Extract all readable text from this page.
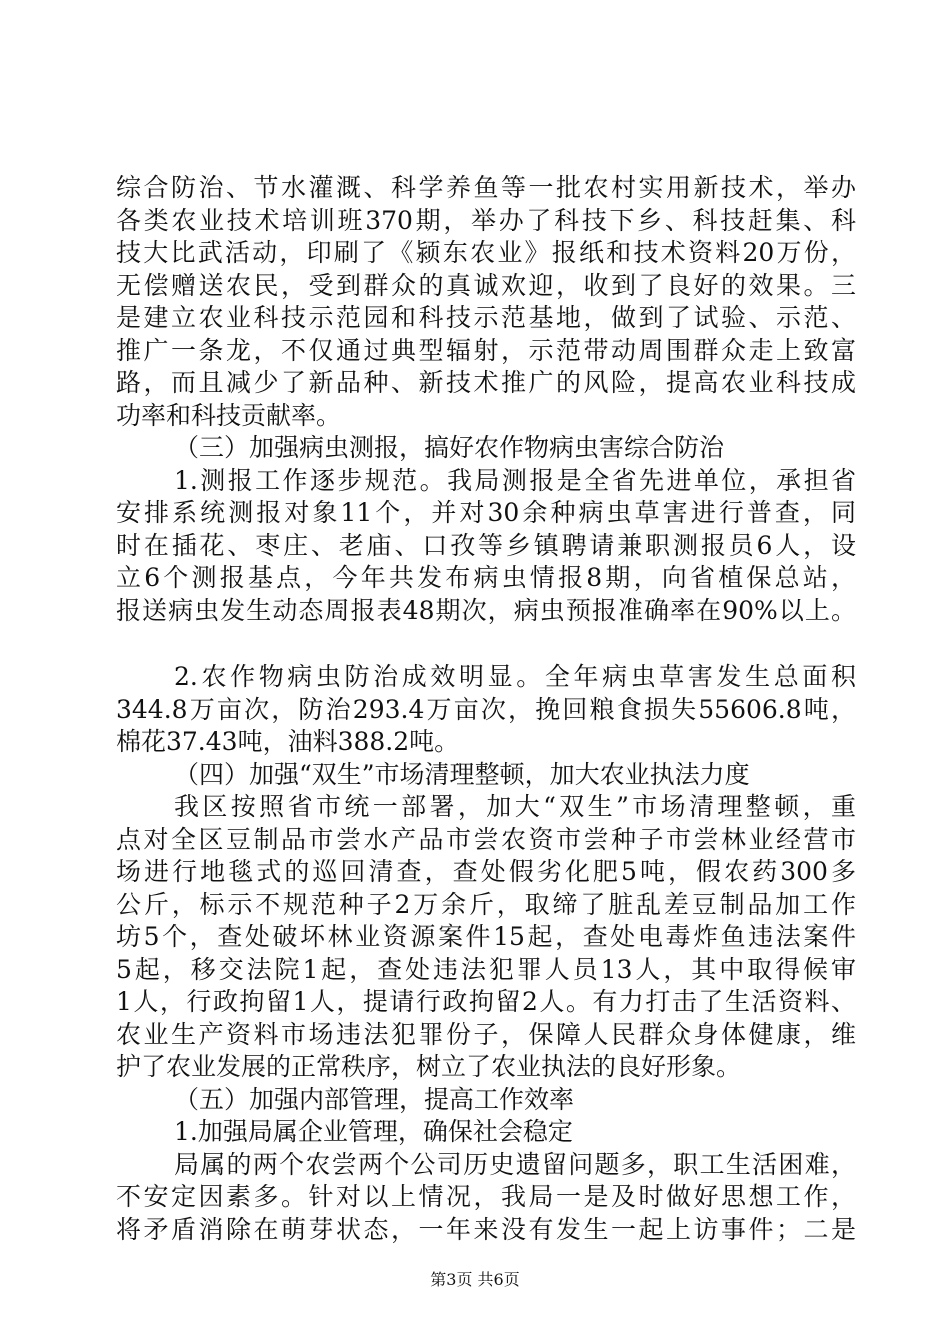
综合防治、节水灌溉、科学养鱼等一批农村实用新技术，举办
各类农业技术培训班370期，举办了科技下乡、科技赶集、科
技大比武活动，印刷了《颍东农业》报纸和技术资料20万份，
无偿赠送农民，受到群众的真诚欢迎，收到了良好的效果。三
是建立农业科技示范园和科技示范基地，做到了试验、示范、
推广一条龙，不仅通过典型辐射，示范带动周围群众走上致富
路，而且减少了新品种、新技术推广的风险，提高农业科技成
功率和科技贡献率。
（三）加强病虫测报，搞好农作物病虫害综合防治
1.测报工作逐步规范。我局测报是全省先进单位，承担省
安排系统测报对象11个，并对30余种病虫草害进行普查，同
时在插花、枣庄、老庙、口孜等乡镇聘请兼职测报员6人，设
立6个测报基点，今年共发布病虫情报8期，向省植保总站，
报送病虫发生动态周报表48期次，病虫预报准确率在90%以上。
2.农作物病虫防治成效明显。全年病虫草害发生总面积
344.8万亩次，防治293.4万亩次，挽回粮食损失55606.8吨，
棉花37.43吨，油料388.2吨。
（四）加强“双生”市场清理整顿，加大农业执法力度
我区按照省市统一部署，加大“双生”市场清理整顿，重
点对全区豆制品市尝水产品市尝农资市尝种子市尝林业经营市
场进行地毯式的巡回清查，查处假劣化肥5吨，假农药300多
公斤，标示不规范种子2万余斤，取缔了脏乱差豆制品加工作
坊5个，查处破坏林业资源案件15起，查处电毒炸鱼违法案件
5起，移交法院1起，查处违法犯罪人员13人，其中取得候审
1人，行政拘留1人，提请行政拘留2人。有力打击了生活资料、
农业生产资料市场违法犯罪份子，保障人民群众身体健康，维
护了农业发展的正常秩序，树立了农业执法的良好形象。
（五）加强内部管理，提高工作效率
1.加强局属企业管理，确保社会稳定
局属的两个农尝两个公司历史遗留问题多，职工生活困难，
不安定因素多。针对以上情况，我局一是及时做好思想工作，
将矛盾消除在萌芽状态，一年来没有发生一起上访事件；二是
第3页 共6页
